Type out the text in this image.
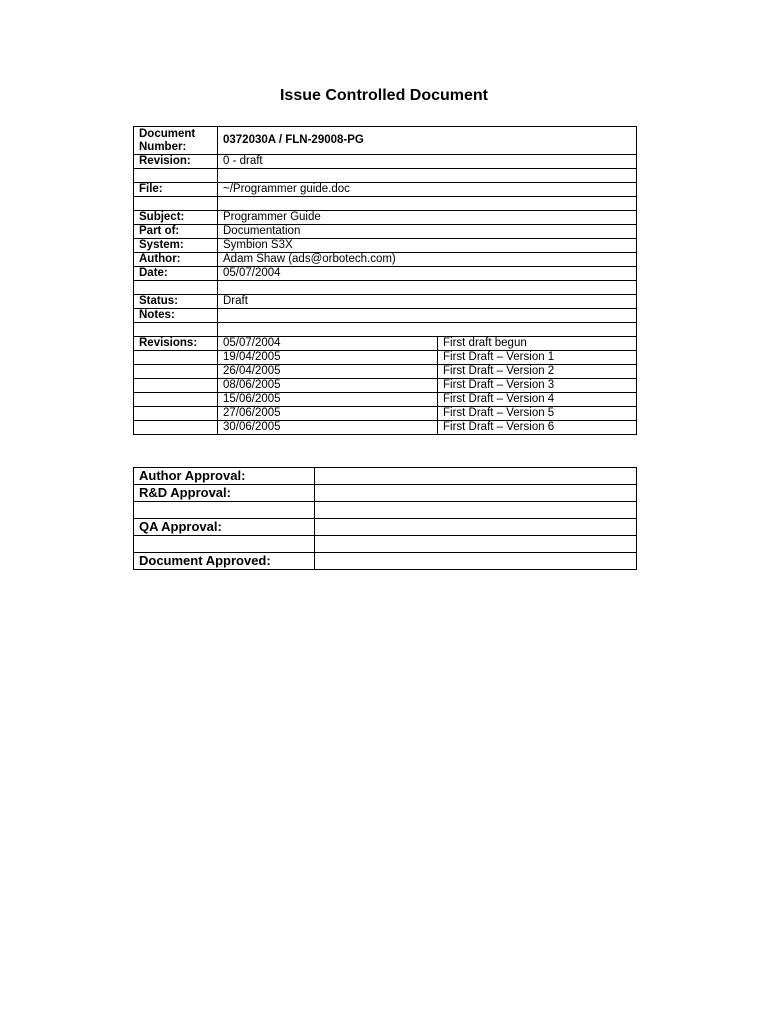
Issue Controlled Document
Document Number:	0372030A / FLN-29008-PG	
Revision:	0 - draft	

File:	~/Programmer guide.doc	

Subject:	Programmer Guide	
Part of:	Documentation	
System:	Symbion S3X	
Author:	Adam Shaw (ads@orbotech.com)	
Date:	05/07/2004	

Status:	Draft	
Notes:		

Revisions:	05/07/2004	First draft begun
	19/04/2005	First Draft – Version 1
	26/04/2005	First Draft – Version 2
	08/06/2005	First Draft – Version 3
	15/06/2005	First Draft – Version 4
	27/06/2005	First Draft – Version 5
	30/06/2005	First Draft – Version 6
Author Approval:	
R&D Approval:	

QA Approval:	

Document Approved:	
